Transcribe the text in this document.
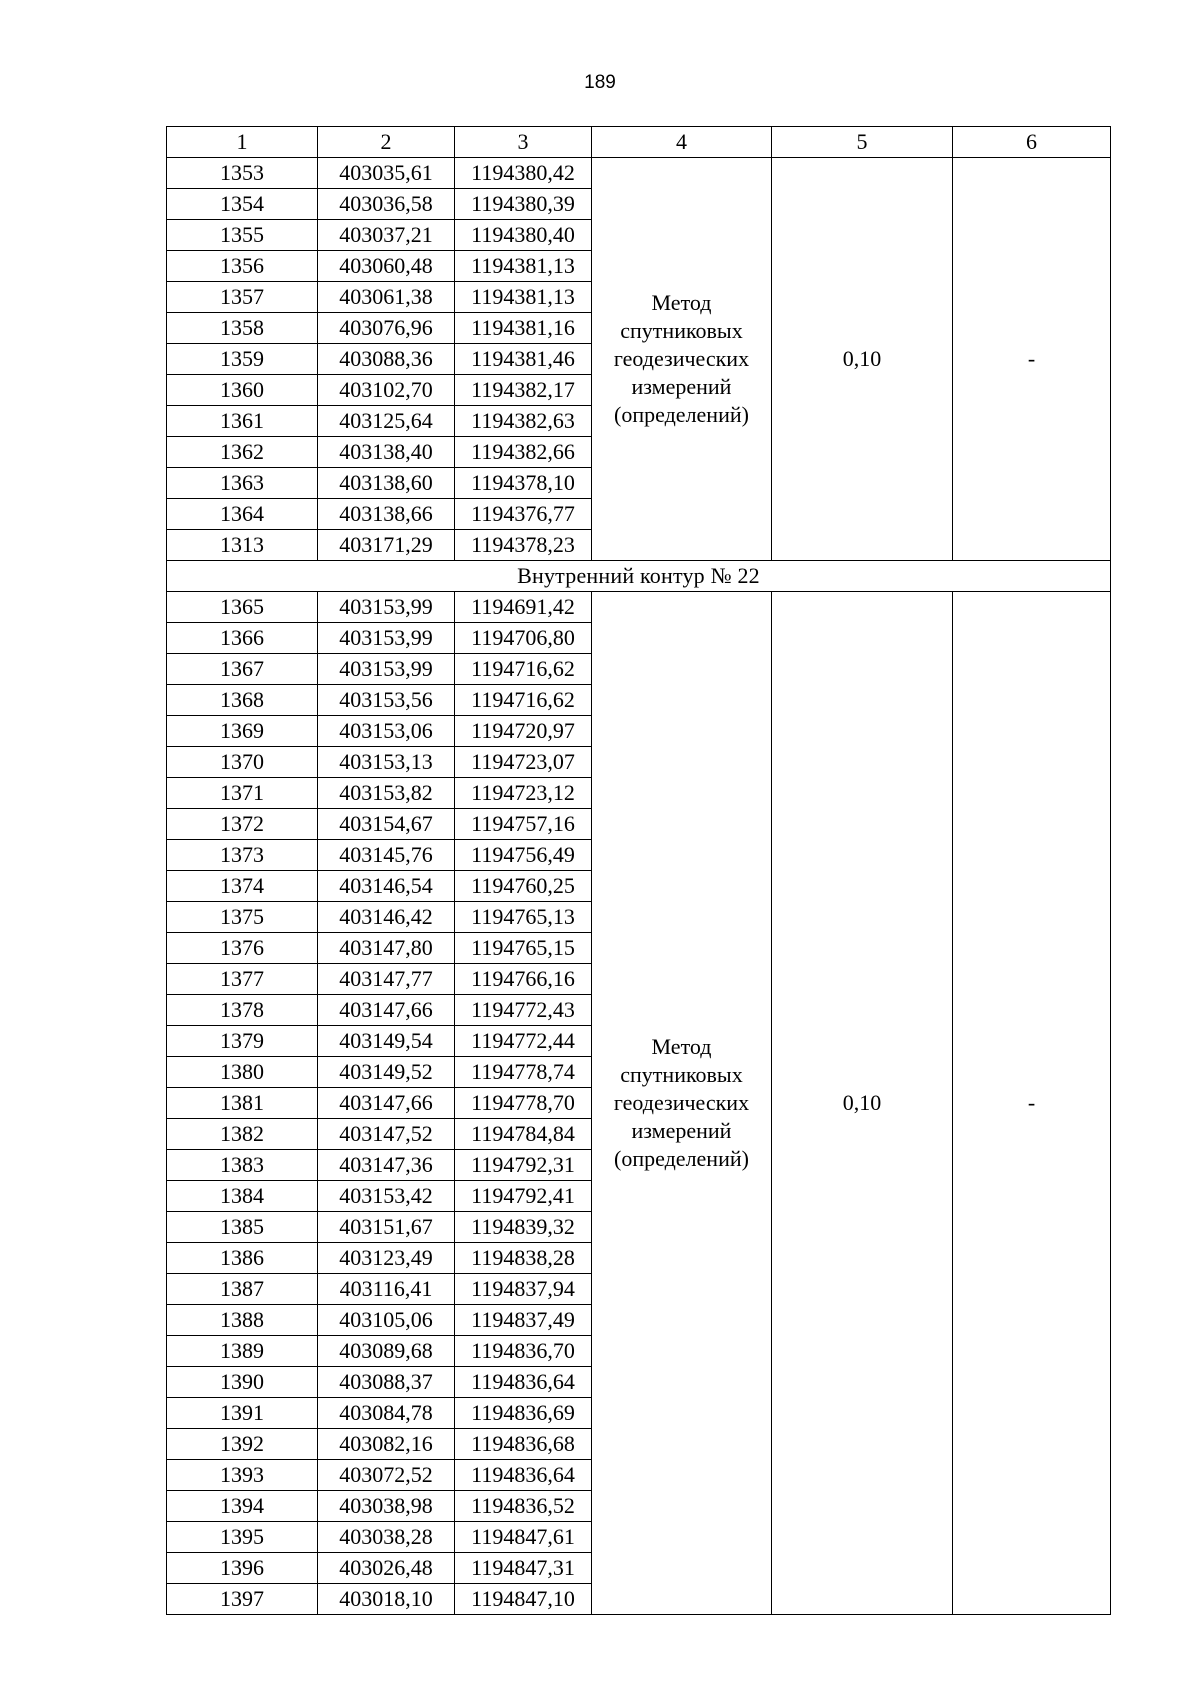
189
1	2	3	4	5	6
1353	403035,61	1194380,42	Метод
спутниковых
геодезических
измерений
(определений)	0,10	-
1354	403036,58	1194380,39			
1355	403037,21	1194380,40			
1356	403060,48	1194381,13			
1357	403061,38	1194381,13			
1358	403076,96	1194381,16			
1359	403088,36	1194381,46			
1360	403102,70	1194382,17			
1361	403125,64	1194382,63			
1362	403138,40	1194382,66			
1363	403138,60	1194378,10			
1364	403138,66	1194376,77			
1313	403171,29	1194378,23			
Внутренний контур № 22					
1365	403153,99	1194691,42	Метод
спутниковых
геодезических
измерений
(определений)	0,10	-
1366	403153,99	1194706,80			
1367	403153,99	1194716,62			
1368	403153,56	1194716,62			
1369	403153,06	1194720,97			
1370	403153,13	1194723,07			
1371	403153,82	1194723,12			
1372	403154,67	1194757,16			
1373	403145,76	1194756,49			
1374	403146,54	1194760,25			
1375	403146,42	1194765,13			
1376	403147,80	1194765,15			
1377	403147,77	1194766,16			
1378	403147,66	1194772,43			
1379	403149,54	1194772,44			
1380	403149,52	1194778,74			
1381	403147,66	1194778,70			
1382	403147,52	1194784,84			
1383	403147,36	1194792,31			
1384	403153,42	1194792,41			
1385	403151,67	1194839,32			
1386	403123,49	1194838,28			
1387	403116,41	1194837,94			
1388	403105,06	1194837,49			
1389	403089,68	1194836,70			
1390	403088,37	1194836,64			
1391	403084,78	1194836,69			
1392	403082,16	1194836,68			
1393	403072,52	1194836,64			
1394	403038,98	1194836,52			
1395	403038,28	1194847,61			
1396	403026,48	1194847,31			
1397	403018,10	1194847,10			
